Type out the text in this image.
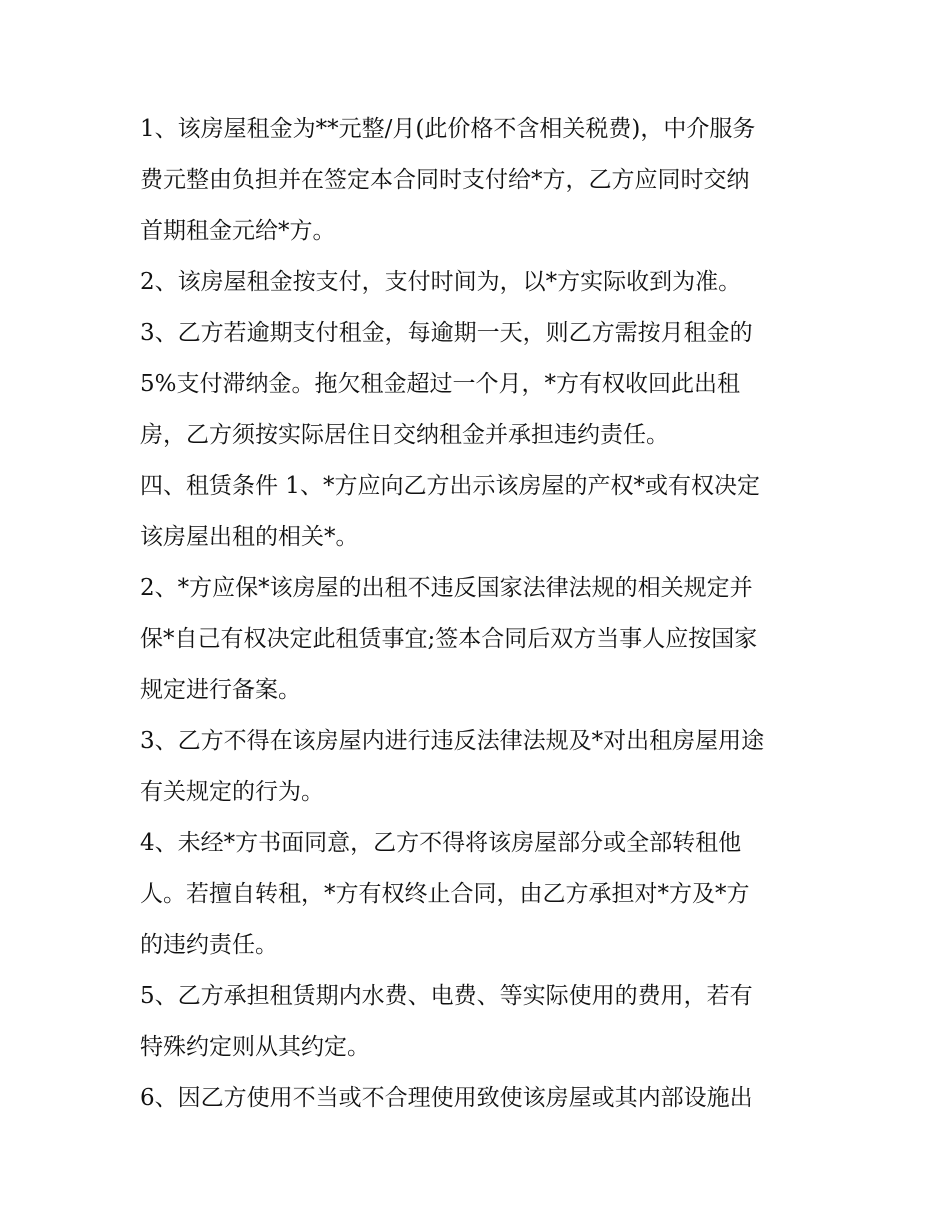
1、该房屋租金为**元整/月(此价格不含相关税费)，中介服务
费元整由负担并在签定本合同时支付给*方，乙方应同时交纳
首期租金元给*方。
2、该房屋租金按支付，支付时间为，以*方实际收到为准。
3、乙方若逾期支付租金，每逾期一天，则乙方需按月租金的
5%支付滞纳金。拖欠租金超过一个月，*方有权收回此出租
房，乙方须按实际居住日交纳租金并承担违约责任。
四、租赁条件 1、*方应向乙方出示该房屋的产权*或有权决定
该房屋出租的相关*。
2、*方应保*该房屋的出租不违反国家法律法规的相关规定并
保*自己有权决定此租赁事宜;签本合同后双方当事人应按国家
规定进行备案。
3、乙方不得在该房屋内进行违反法律法规及*对出租房屋用途
有关规定的行为。
4、未经*方书面同意，乙方不得将该房屋部分或全部转租他
人。若擅自转租，*方有权终止合同，由乙方承担对*方及*方
的违约责任。
5、乙方承担租赁期内水费、电费、等实际使用的费用，若有
特殊约定则从其约定。
6、因乙方使用不当或不合理使用致使该房屋或其内部设施出
